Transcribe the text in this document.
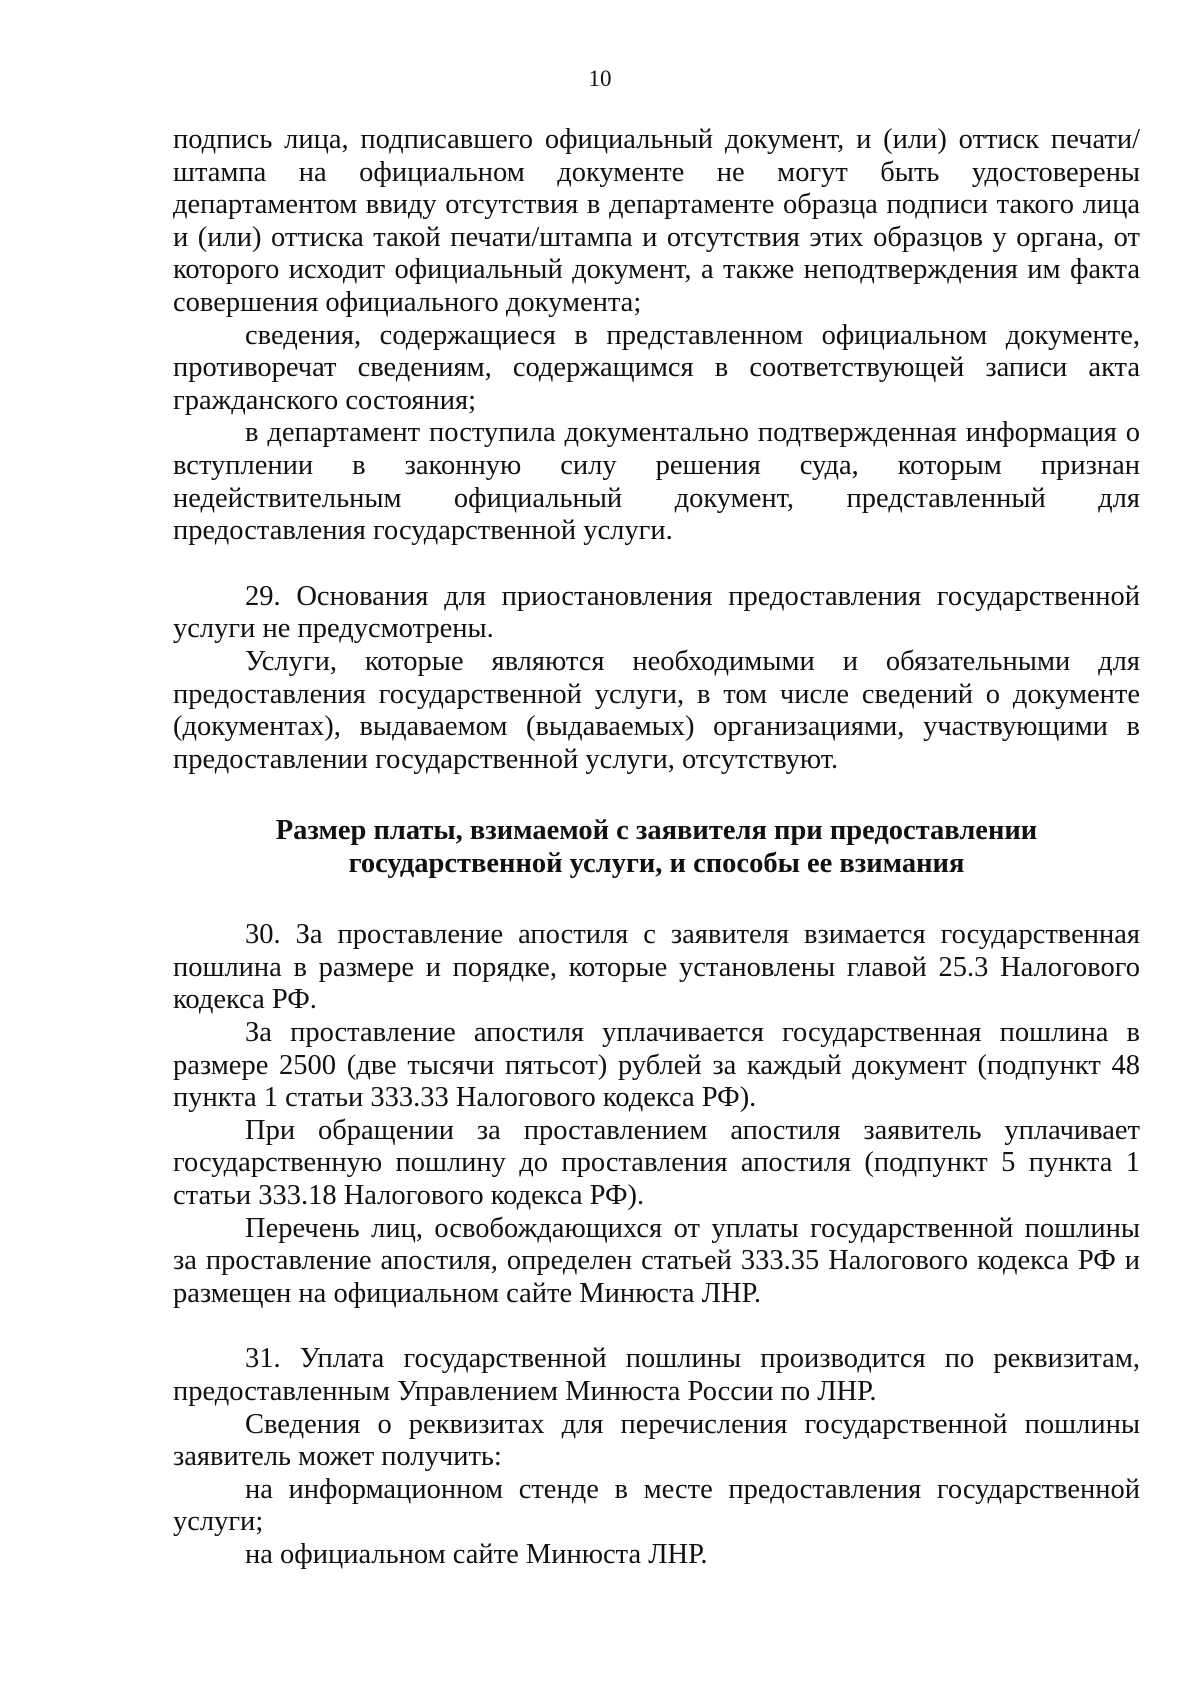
10

подпись лица, подписавшего официальный документ, и (или) оттиск печати/штампа на официальном документе не могут быть удостоверены департаментом ввиду отсутствия в департаменте образца подписи такого лица и (или) оттиска такой печати/штампа и отсутствия этих образцов у органа, от которого исходит официальный документ, а также неподтверждения им факта совершения официального документа;

сведения, содержащиеся в представленном официальном документе, противоречат сведениям, содержащимся в соответствующей записи акта гражданского состояния;

в департамент поступила документально подтвержденная информация о вступлении в законную силу решения суда, которым признан недействительным официальный документ, представленный для предоставления государственной услуги.

29. Основания для приостановления предоставления государственной услуги не предусмотрены.

Услуги, которые являются необходимыми и обязательными для предоставления государственной услуги, в том числе сведений о документе (документах), выдаваемом (выдаваемых) организациями, участвующими в предоставлении государственной услуги, отсутствуют.

Размер платы, взимаемой с заявителя при предоставлении

государственной услуги, и способы ее взимания

30. За проставление апостиля с заявителя взимается государственная пошлина в размере и порядке, которые установлены главой 25.3 Налогового кодекса РФ.

За проставление апостиля уплачивается государственная пошлина в размере 2500 (две тысячи пятьсот) рублей за каждый документ (подпункт 48 пункта 1 статьи 333.33 Налогового кодекса РФ).

При обращении за проставлением апостиля заявитель уплачивает государственную пошлину до проставления апостиля (подпункт 5 пункта 1 статьи 333.18 Налогового кодекса РФ).

Перечень лиц, освобождающихся от уплаты государственной пошлины за проставление апостиля, определен статьей 333.35 Налогового кодекса РФ и размещен на официальном сайте Минюста ЛНР.

31. Уплата государственной пошлины производится по реквизитам, предоставленным Управлением Минюста России по ЛНР.

Сведения о реквизитах для перечисления государственной пошлины заявитель может получить:

на информационном стенде в месте предоставления государственной услуги;

на официальном сайте Минюста ЛНР.
